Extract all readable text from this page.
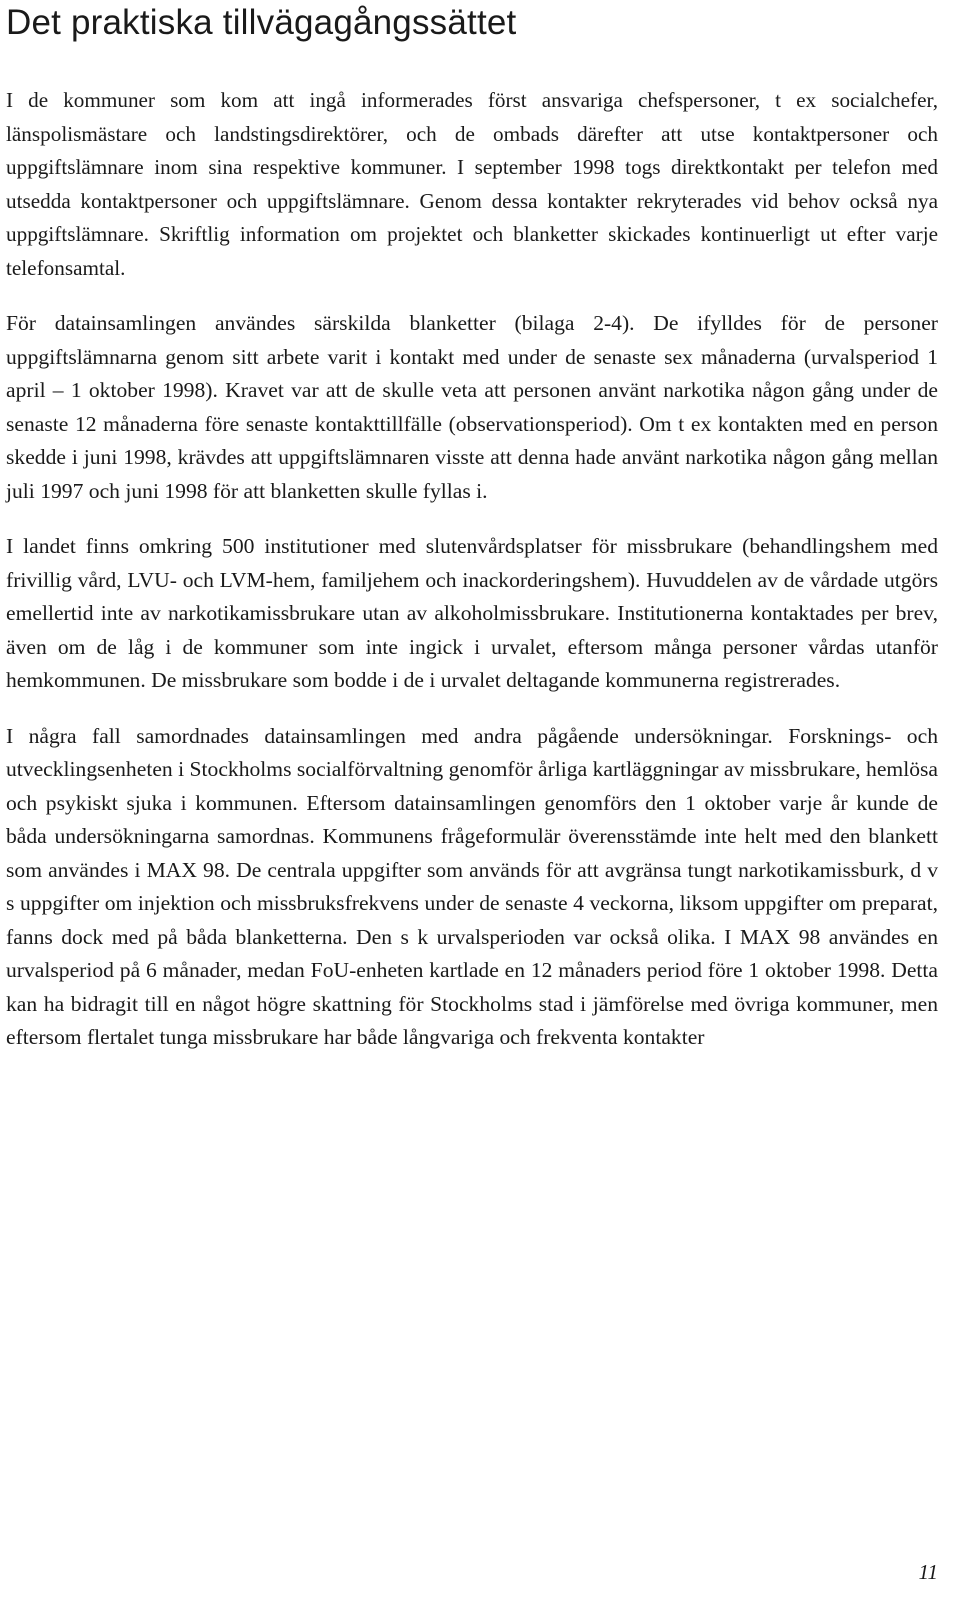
Det praktiska tillvägagångssättet

I de kommuner som kom att ingå informerades först ansvariga chefspersoner, t ex socialchefer, länspolismästare och landstingsdirektörer, och de ombads därefter att utse kontaktpersoner och uppgiftslämnare inom sina respektive kommuner. I september 1998 togs direktkontakt per telefon med utsedda kontaktpersoner och uppgiftslämnare. Genom dessa kontakter rekryterades vid behov också nya uppgiftslämnare. Skriftlig information om projektet och blanketter skickades kontinuerligt ut efter varje telefonsamtal.

För datainsamlingen användes särskilda blanketter (bilaga 2-4). De ifylldes för de personer uppgiftslämnarna genom sitt arbete varit i kontakt med under de senaste sex månaderna (urvalsperiod 1 april – 1 oktober 1998). Kravet var att de skulle veta att personen använt narkotika någon gång under de senaste 12 månaderna före senaste kontakttillfälle (observationsperiod). Om t ex kontakten med en person skedde i juni 1998, krävdes att uppgiftslämnaren visste att denna hade använt narkotika någon gång mellan juli 1997 och juni 1998 för att blanketten skulle fyllas i.

I landet finns omkring 500 institutioner med slutenvårdsplatser för missbrukare (behandlingshem med frivillig vård, LVU- och LVM-hem, familjehem och inackorderingshem). Huvuddelen av de vårdade utgörs emellertid inte av narkotikamissbrukare utan av alkoholmissbrukare. Institutionerna kontaktades per brev, även om de låg i de kommuner som inte ingick i urvalet, eftersom många personer vårdas utanför hemkommunen. De missbrukare som bodde i de i urvalet deltagande kommunerna registrerades.

I några fall samordnades datainsamlingen med andra pågående undersökningar. Forsknings- och utvecklingsenheten i Stockholms socialförvaltning genomför årliga kartläggningar av missbrukare, hemlösa och psykiskt sjuka i kommunen. Eftersom datainsamlingen genomförs den 1 oktober varje år kunde de båda undersökningarna samordnas. Kommunens frågeformulär överensstämde inte helt med den blankett som användes i MAX 98. De centrala uppgifter som används för att avgränsa tungt narkotikamissburk, d v s uppgifter om injektion och missbruksfrekvens under de senaste 4 veckorna, liksom uppgifter om preparat, fanns dock med på båda blanketterna. Den s k urvalsperioden var också olika. I MAX 98 användes en urvalsperiod på 6 månader, medan FoU-enheten kartlade en 12 månaders period före 1 oktober 1998. Detta kan ha bidragit till en något högre skattning för Stockholms stad i jämförelse med övriga kommuner, men eftersom flertalet tunga missbrukare har både långvariga och frekventa kontakter

11
